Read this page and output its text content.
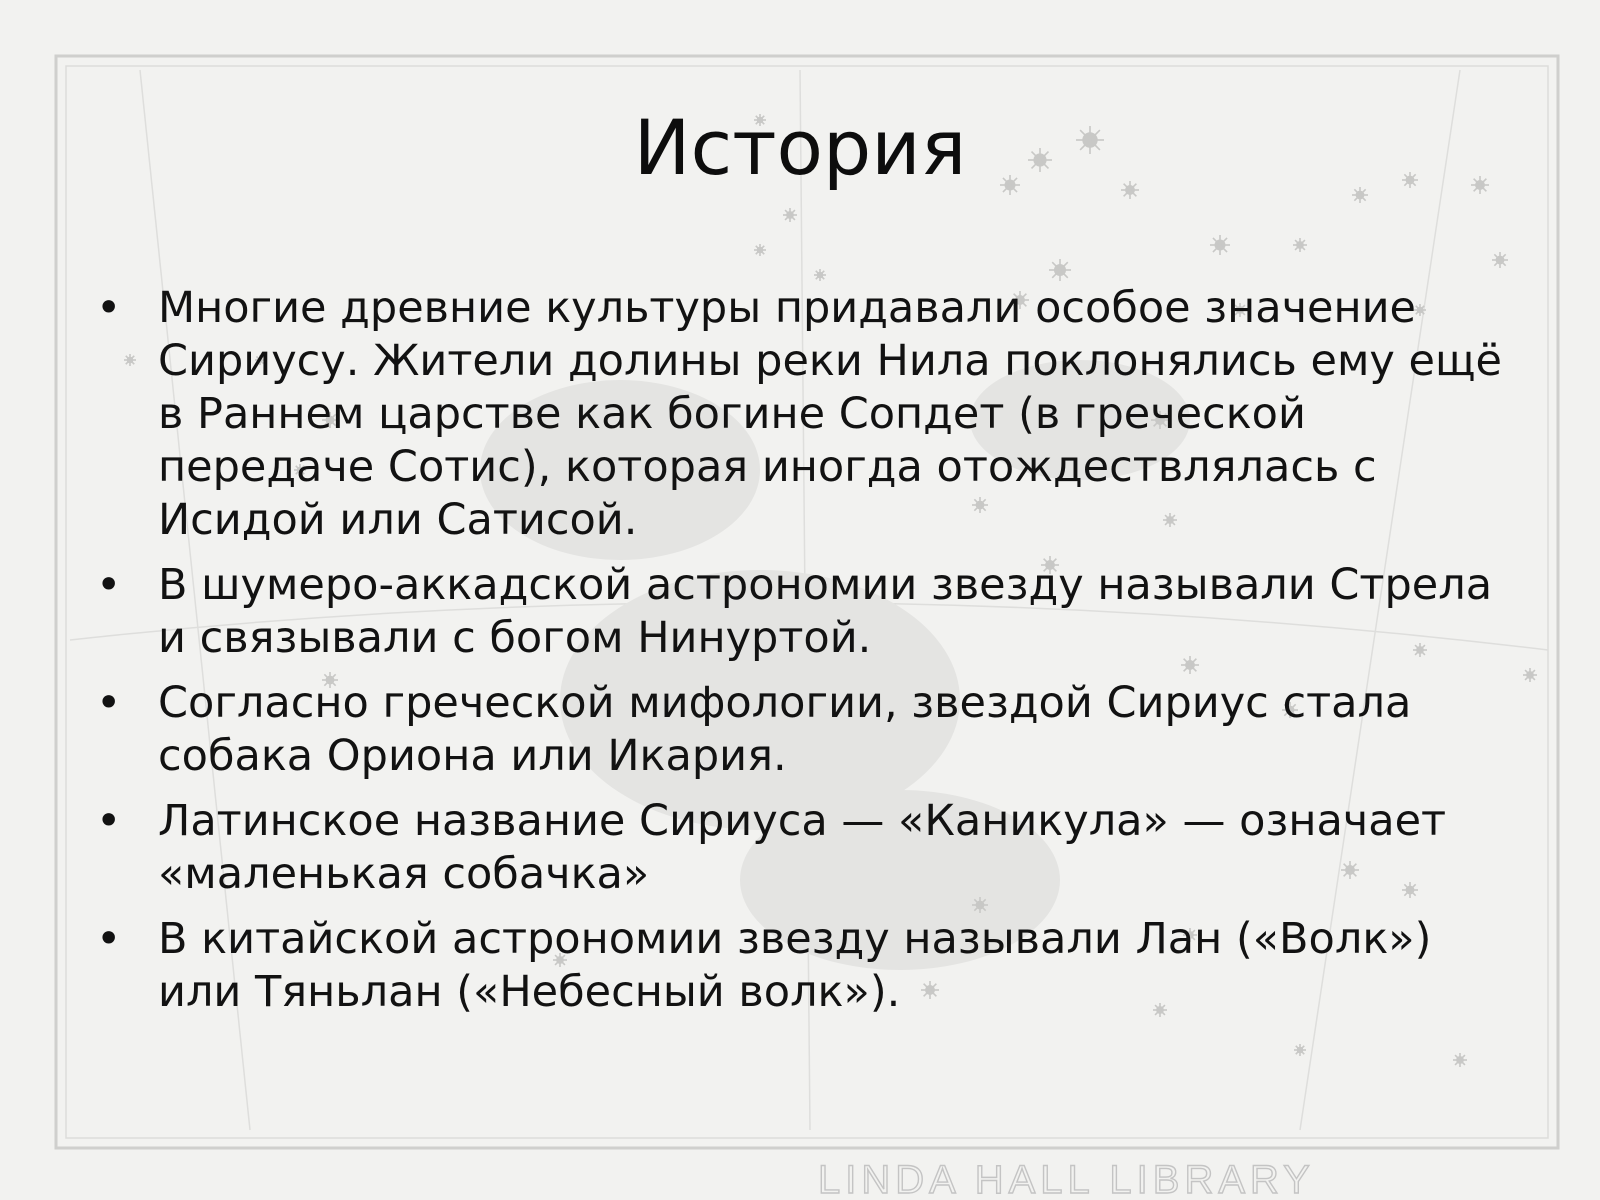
История
• Многие древние культуры придавали особое значение Сириусу. Жители долины реки Нила поклонялись ему ещё в Раннем царстве как богине Сопдет (в греческой передаче Сотис), которая иногда отождествлялась с Исидой или Сатисой.
• В шумеро-аккадской астрономии звезду называли Стрела и связывали с богом Нинуртой.
• Согласно греческой мифологии, звездой Сириус стала собака Ориона или Икария.
• Латинское название Сириуса — «Каникула» — означает «маленькая собачка»
• В китайской астрономии звезду называли Лан («Волк») или Тяньлан («Небесный волк»).
LINDA HALL LIBRARY
